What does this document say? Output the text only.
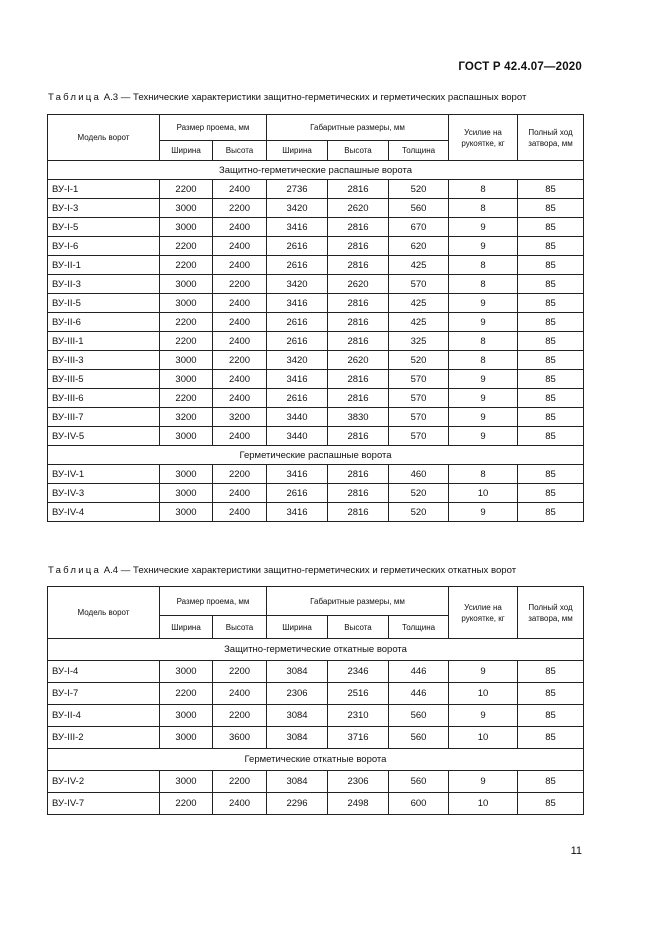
ГОСТ Р 42.4.07—2020
Таблица А.3 — Технические характеристики защитно-герметических и герметических распашных ворот
Модель ворот	Размер проема, мм		Габаритные размеры, мм			Усилие на рукоятке, кг	Полный ход затвора, мм
	Ширина	Высота	Ширина	Высота	Толщина		
Защитно-герметические распашные ворота							
ВУ-I-1	2200	2400	2736	2816	520	8	85
ВУ-I-3	3000	2200	3420	2620	560	8	85
ВУ-I-5	3000	2400	3416	2816	670	9	85
ВУ-I-6	2200	2400	2616	2816	620	9	85
ВУ-II-1	2200	2400	2616	2816	425	8	85
ВУ-II-3	3000	2200	3420	2620	570	8	85
ВУ-II-5	3000	2400	3416	2816	425	9	85
ВУ-II-6	2200	2400	2616	2816	425	9	85
ВУ-III-1	2200	2400	2616	2816	325	8	85
ВУ-III-3	3000	2200	3420	2620	520	8	85
ВУ-III-5	3000	2400	3416	2816	570	9	85
ВУ-III-6	2200	2400	2616	2816	570	9	85
ВУ-III-7	3200	3200	3440	3830	570	9	85
ВУ-IV-5	3000	2400	3440	2816	570	9	85
Герметические распашные ворота							
ВУ-IV-1	3000	2200	3416	2816	460	8	85
ВУ-IV-3	3000	2400	2616	2816	520	10	85
ВУ-IV-4	3000	2400	3416	2816	520	9	85
Таблица А.4 — Технические характеристики защитно-герметических и герметических откатных ворот
Модель ворот	Размер проема, мм		Габаритные размеры, мм			Усилие на рукоятке, кг	Полный ход затвора, мм
	Ширина	Высота	Ширина	Высота	Толщина		
Защитно-герметические откатные ворота							
ВУ-I-4	3000	2200	3084	2346	446	9	85
ВУ-I-7	2200	2400	2306	2516	446	10	85
ВУ-II-4	3000	2200	3084	2310	560	9	85
ВУ-III-2	3000	3600	3084	3716	560	10	85
Герметические откатные ворота							
ВУ-IV-2	3000	2200	3084	2306	560	9	85
ВУ-IV-7	2200	2400	2296	2498	600	10	85
11
